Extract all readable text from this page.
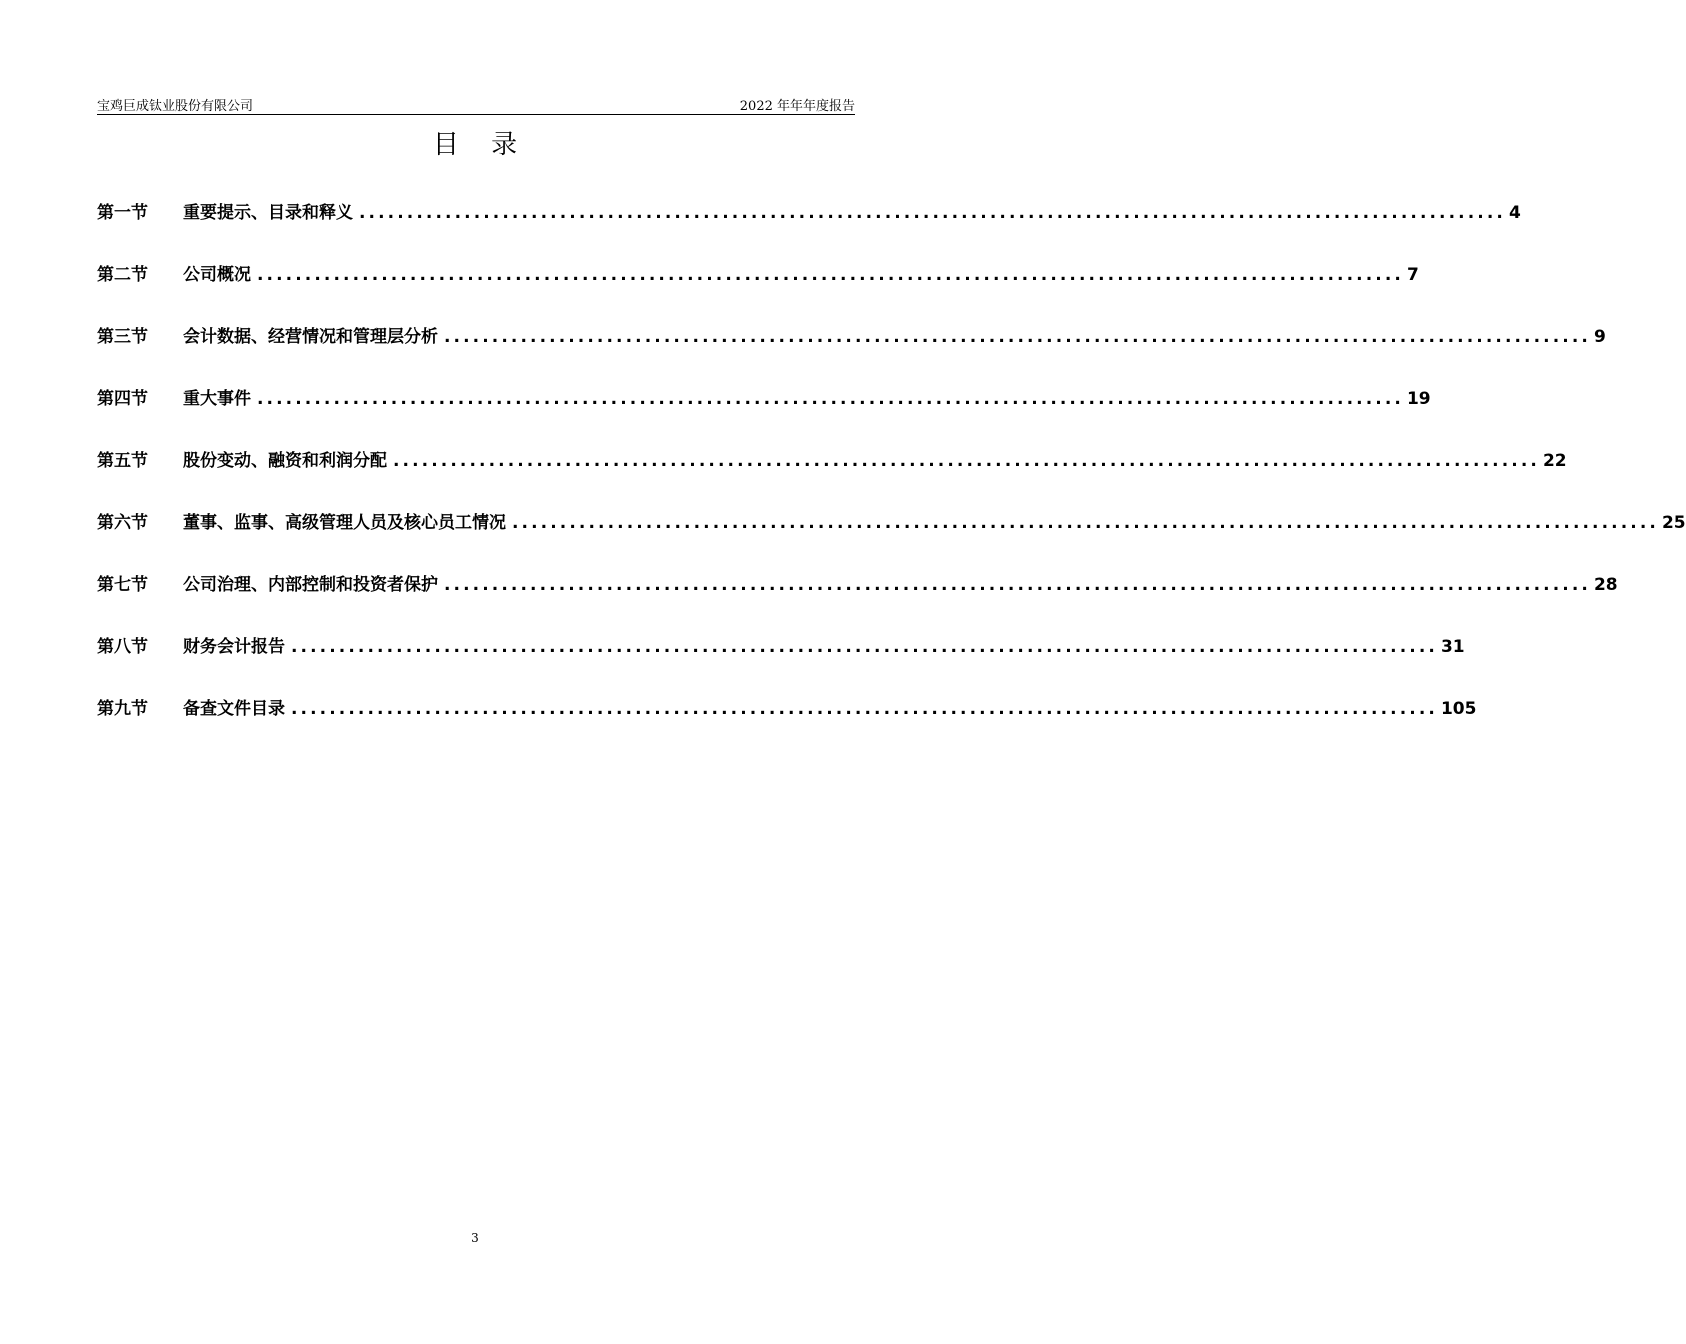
宝鸡巨成钛业股份有限公司	2022 年年年度报告
目 录
第一节	重要提示、目录和释义 ........................................................................................................................ 4
第二节	公司概况 ........................................................................................................................ 7
第三节	会计数据、经营情况和管理层分析 ........................................................................................................................ 9
第四节	重大事件 ........................................................................................................................ 19
第五节	股份变动、融资和利润分配 ........................................................................................................................ 22
第六节	董事、监事、高级管理人员及核心员工情况 ........................................................................................................................ 25
第七节	公司治理、内部控制和投资者保护 ........................................................................................................................ 28
第八节	财务会计报告 ........................................................................................................................ 31
第九节	备查文件目录 ........................................................................................................................ 105
3
